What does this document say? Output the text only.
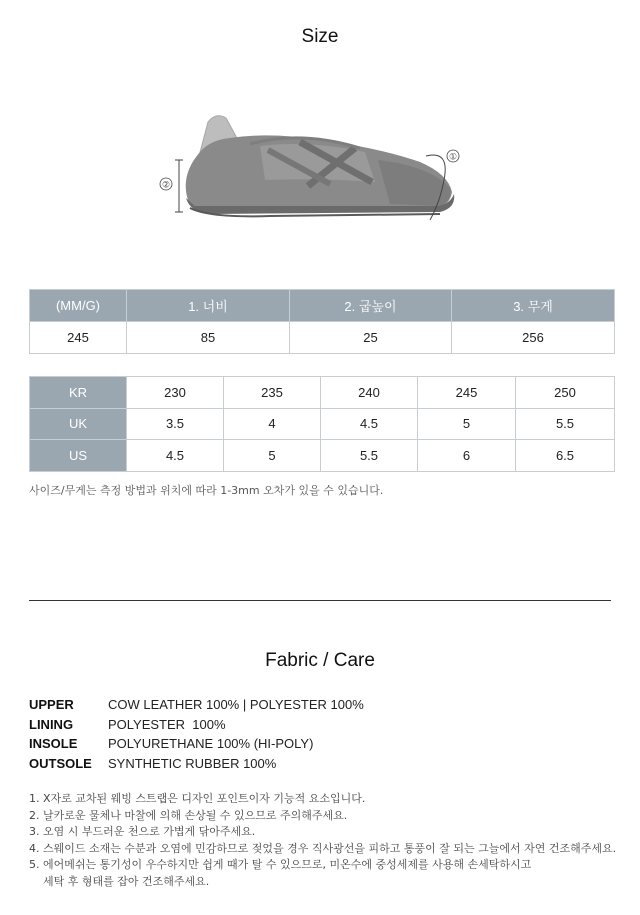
Size
②
①
(MM/G)	1. 너비	2. 굽높이	3. 무게
245	85	25	256
KR	230	235	240	245	250
UK	3.5	4	4.5	5	5.5
US	4.5	5	5.5	6	6.5
사이즈/무게는 측정 방법과 위치에 따라 1-3mm 오차가 있을 수 있습니다.
Fabric / Care
UPPER	COW LEATHER 100% | POLYESTER 100%
LINING	POLYESTER  100%
INSOLE	POLYURETHANE 100% (HI-POLY)
OUTSOLE	SYNTHETIC RUBBER 100%
1. X자로 교차된 웨빙 스트랩은 디자인 포인트이자 기능적 요소입니다.
2. 날카로운 물체나 마찰에 의해 손상될 수 있으므로 주의해주세요.
3. 오염 시 부드러운 천으로 가볍게 닦아주세요.
4. 스웨이드 소재는 수분과 오염에 민감하므로 젖었을 경우 직사광선을 피하고 통풍이 잘 되는 그늘에서 자연 건조해주세요.
5. 에어메쉬는 통기성이 우수하지만 쉽게 때가 탈 수 있으므로, 미온수에 중성세제를 사용해 손세탁하시고
세탁 후 형태를 잡아 건조해주세요.
